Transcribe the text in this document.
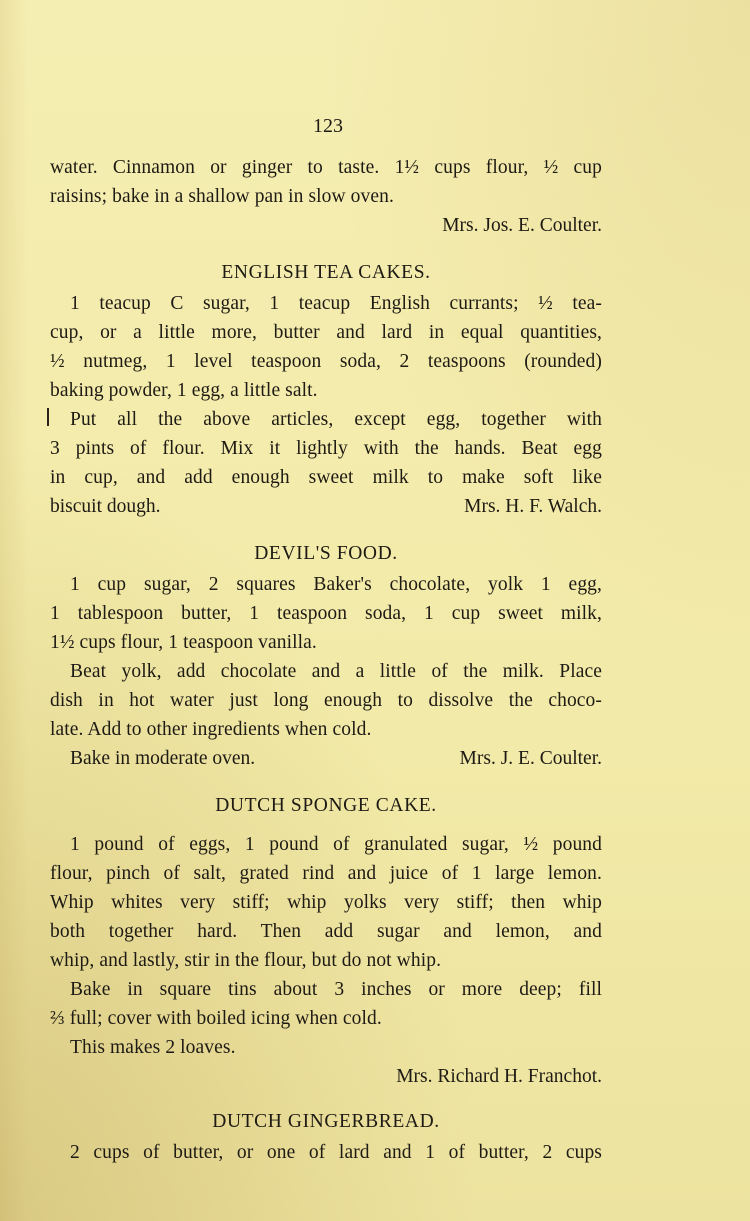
123
water. Cinnamon or ginger to taste. 1½ cups flour, ½ cup
raisins; bake in a shallow pan in slow oven.
Mrs. Jos. E. Coulter.
ENGLISH TEA CAKES.
1 teacup C sugar, 1 teacup English currants; ½ tea-
cup, or a little more, butter and lard in equal quantities,
½ nutmeg, 1 level teaspoon soda, 2 teaspoons (rounded)
baking powder, 1 egg, a little salt.
Put all the above articles, except egg, together with
3 pints of flour. Mix it lightly with the hands. Beat egg
in cup, and add enough sweet milk to make soft like
biscuit dough.	Mrs. H. F. Walch.
DEVIL'S FOOD.
1 cup sugar, 2 squares Baker's chocolate, yolk 1 egg,
1 tablespoon butter, 1 teaspoon soda, 1 cup sweet milk,
1½ cups flour, 1 teaspoon vanilla.
Beat yolk, add chocolate and a little of the milk. Place
dish in hot water just long enough to dissolve the choco-
late. Add to other ingredients when cold.
Bake in moderate oven.	Mrs. J. E. Coulter.
DUTCH SPONGE CAKE.
1 pound of eggs, 1 pound of granulated sugar, ½ pound
flour, pinch of salt, grated rind and juice of 1 large lemon.
Whip whites very stiff; whip yolks very stiff; then whip
both together hard. Then add sugar and lemon, and
whip, and lastly, stir in the flour, but do not whip.
Bake in square tins about 3 inches or more deep; fill
⅔ full; cover with boiled icing when cold.
This makes 2 loaves.
Mrs. Richard H. Franchot.
DUTCH GINGERBREAD.
2 cups of butter, or one of lard and 1 of butter, 2 cups
